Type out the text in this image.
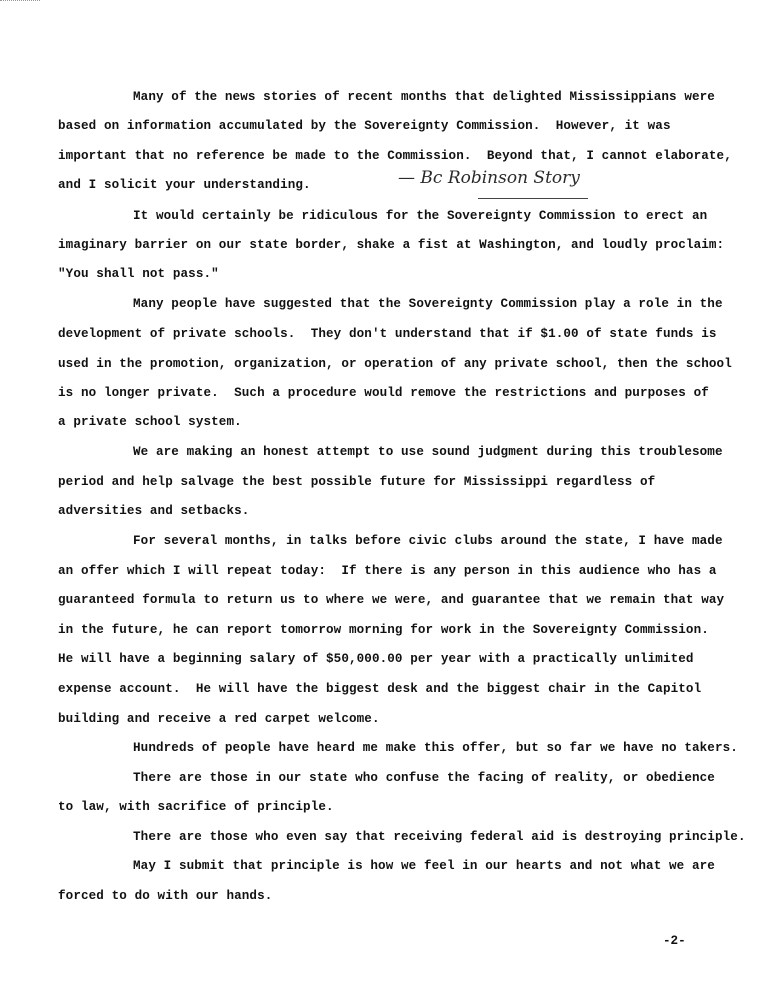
Many of the news stories of recent months that delighted Mississippians were
based on information accumulated by the Sovereignty Commission.  However, it was
important that no reference be made to the Commission.  Beyond that, I cannot elaborate,
and I solicit your understanding.	— Bc Robinson Story
It would certainly be ridiculous for the Sovereignty Commission to erect an
imaginary barrier on our state border, shake a fist at Washington, and loudly proclaim:
"You shall not pass."
Many people have suggested that the Sovereignty Commission play a role in the
development of private schools.  They don't understand that if $1.00 of state funds is
used in the promotion, organization, or operation of any private school, then the school
is no longer private.  Such a procedure would remove the restrictions and purposes of
a private school system.
We are making an honest attempt to use sound judgment during this troublesome
period and help salvage the best possible future for Mississippi regardless of
adversities and setbacks.
For several months, in talks before civic clubs around the state, I have made
an offer which I will repeat today:  If there is any person in this audience who has a
guaranteed formula to return us to where we were, and guarantee that we remain that way
in the future, he can report tomorrow morning for work in the Sovereignty Commission.
He will have a beginning salary of $50,000.00 per year with a practically unlimited
expense account.  He will have the biggest desk and the biggest chair in the Capitol
building and receive a red carpet welcome.
Hundreds of people have heard me make this offer, but so far we have no takers.
There are those in our state who confuse the facing of reality, or obedience
to law, with sacrifice of principle.
There are those who even say that receiving federal aid is destroying principle.
May I submit that principle is how we feel in our hearts and not what we are
forced to do with our hands.
-2-
